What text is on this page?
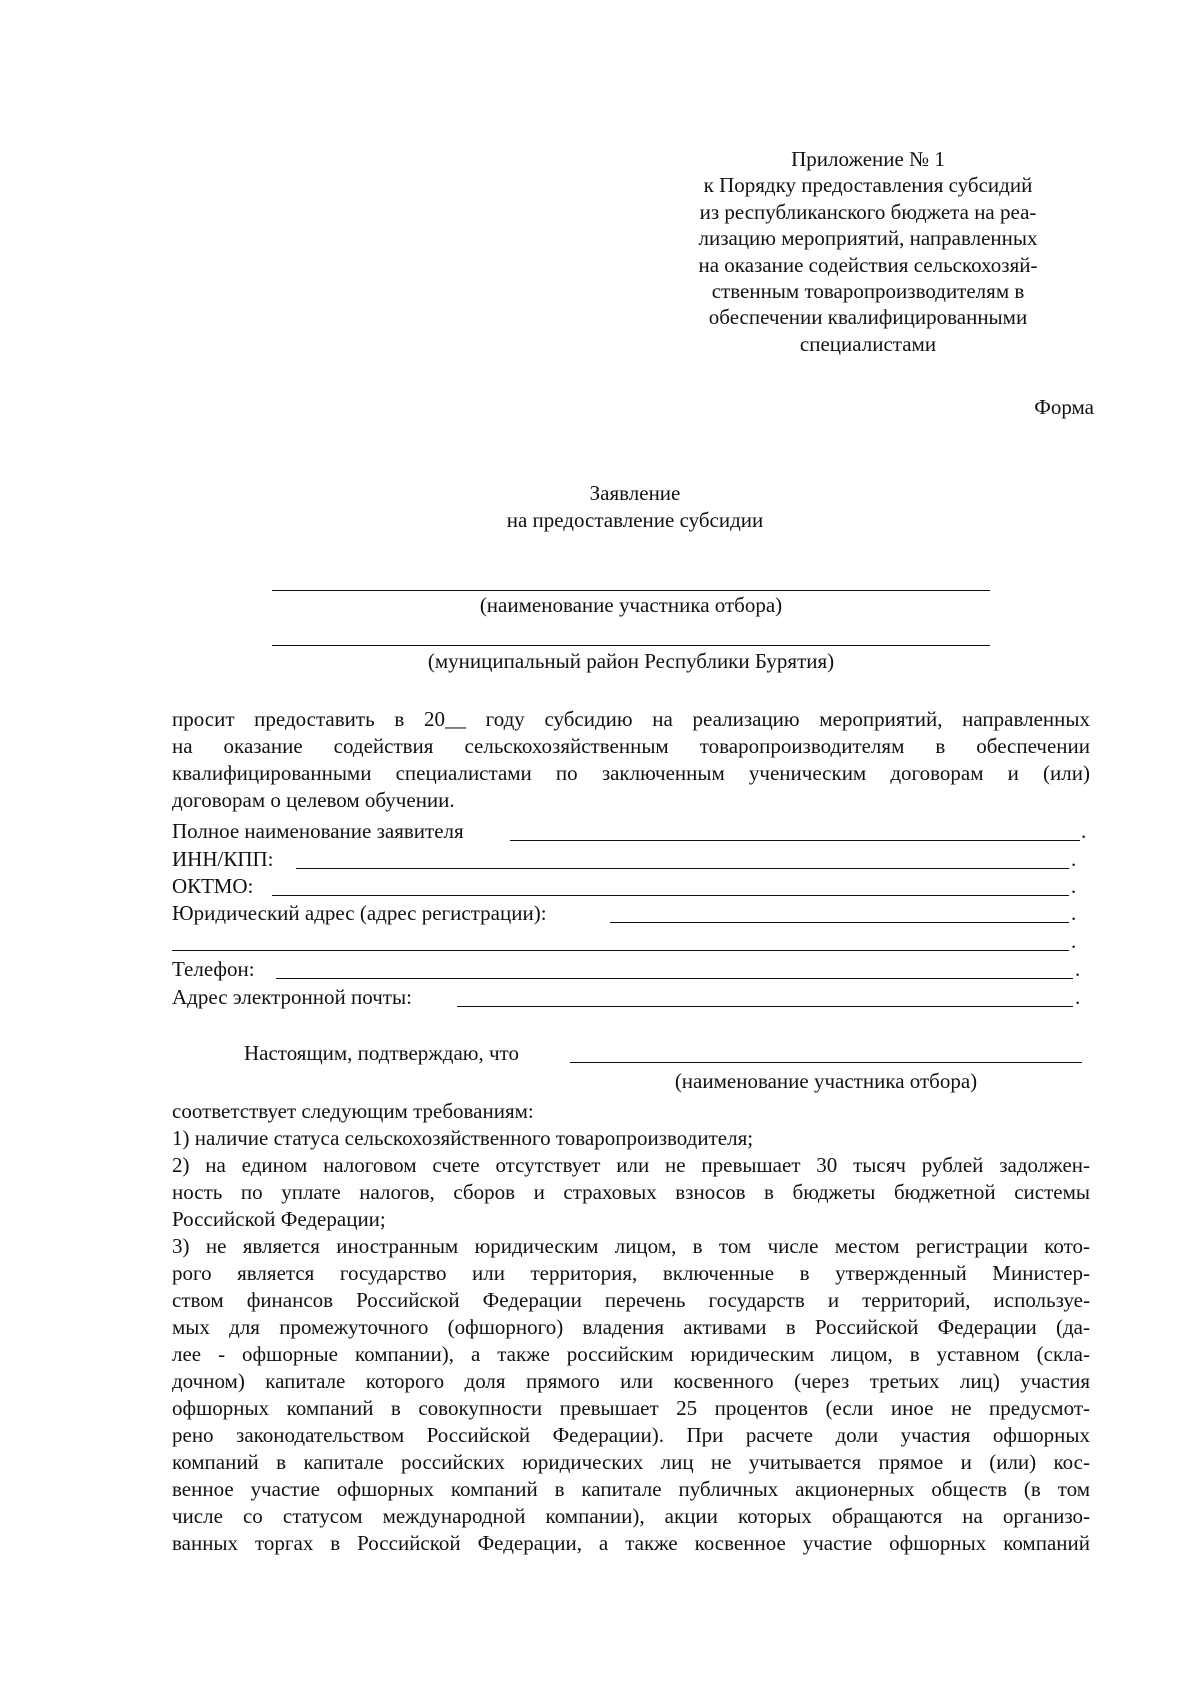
Приложение № 1
к Порядку предоставления субсидий
из республиканского бюджета на реа-
лизацию мероприятий, направленных
на оказание содействия сельскохозяй-
ственным товаропроизводителям в
обеспечении квалифицированными
специалистами
Форма
Заявление
на предоставление субсидии
(наименование участника отбора)
(муниципальный район Республики Бурятия)
просит предоставить в 20__ году субсидию на реализацию мероприятий, направленных
на оказание содействия сельскохозяйственным товаропроизводителям в обеспечении
квалифицированными специалистами по заключенным ученическим договорам и (или)
договорам о целевом обучении.
Полное наименование заявителя	.
ИНН/КПП:	.
ОКТМО:	.
Юридический адрес (адрес регистрации):	.
.
Телефон:	.
Адрес электронной почты:	.
Настоящим, подтверждаю, что
(наименование участника отбора)
соответствует следующим требованиям:
1) наличие статуса сельскохозяйственного товаропроизводителя;
2) на едином налоговом счете отсутствует или не превышает 30 тысяч рублей задолжен-
ность по уплате налогов, сборов и страховых взносов в бюджеты бюджетной системы
Российской Федерации;
3) не является иностранным юридическим лицом, в том числе местом регистрации кото-
рого является государство или территория, включенные в утвержденный Министер-
ством финансов Российской Федерации перечень государств и территорий, используе-
мых для промежуточного (офшорного) владения активами в Российской Федерации (да-
лее - офшорные компании), а также российским юридическим лицом, в уставном (скла-
дочном) капитале которого доля прямого или косвенного (через третьих лиц) участия
офшорных компаний в совокупности превышает 25 процентов (если иное не предусмот-
рено законодательством Российской Федерации). При расчете доли участия офшорных
компаний в капитале российских юридических лиц не учитывается прямое и (или) кос-
венное участие офшорных компаний в капитале публичных акционерных обществ (в том
числе со статусом международной компании), акции которых обращаются на организо-
ванных торгах в Российской Федерации, а также косвенное участие офшорных компаний
